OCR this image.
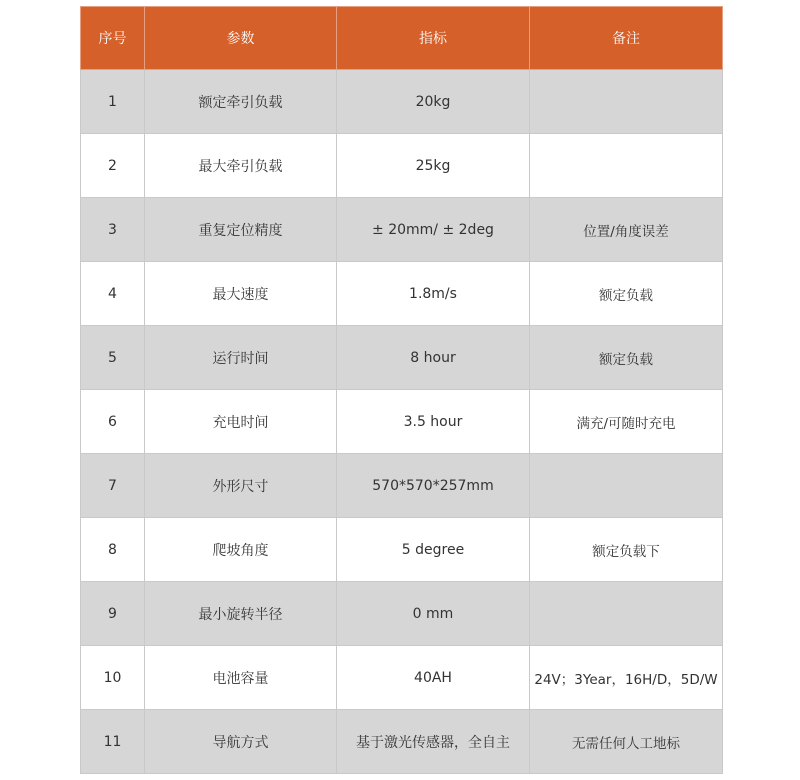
序号	参数	指标	备注
1	额定牵引负载	20kg	
2	最大牵引负载	25kg	
3	重复定位精度	± 20mm/ ± 2deg	位置/角度误差
4	最大速度	1.8m/s	额定负载
5	运行时间	8 hour	额定负载
6	充电时间	3.5 hour	满充/可随时充电
7	外形尺寸	570*570*257mm	
8	爬坡角度	5 degree	额定负载下
9	最小旋转半径	0 mm	
10	电池容量	40AH	24V；3Year，16H/D，5D/W
11	导航方式	基于激光传感器，全自主	无需任何人工地标
